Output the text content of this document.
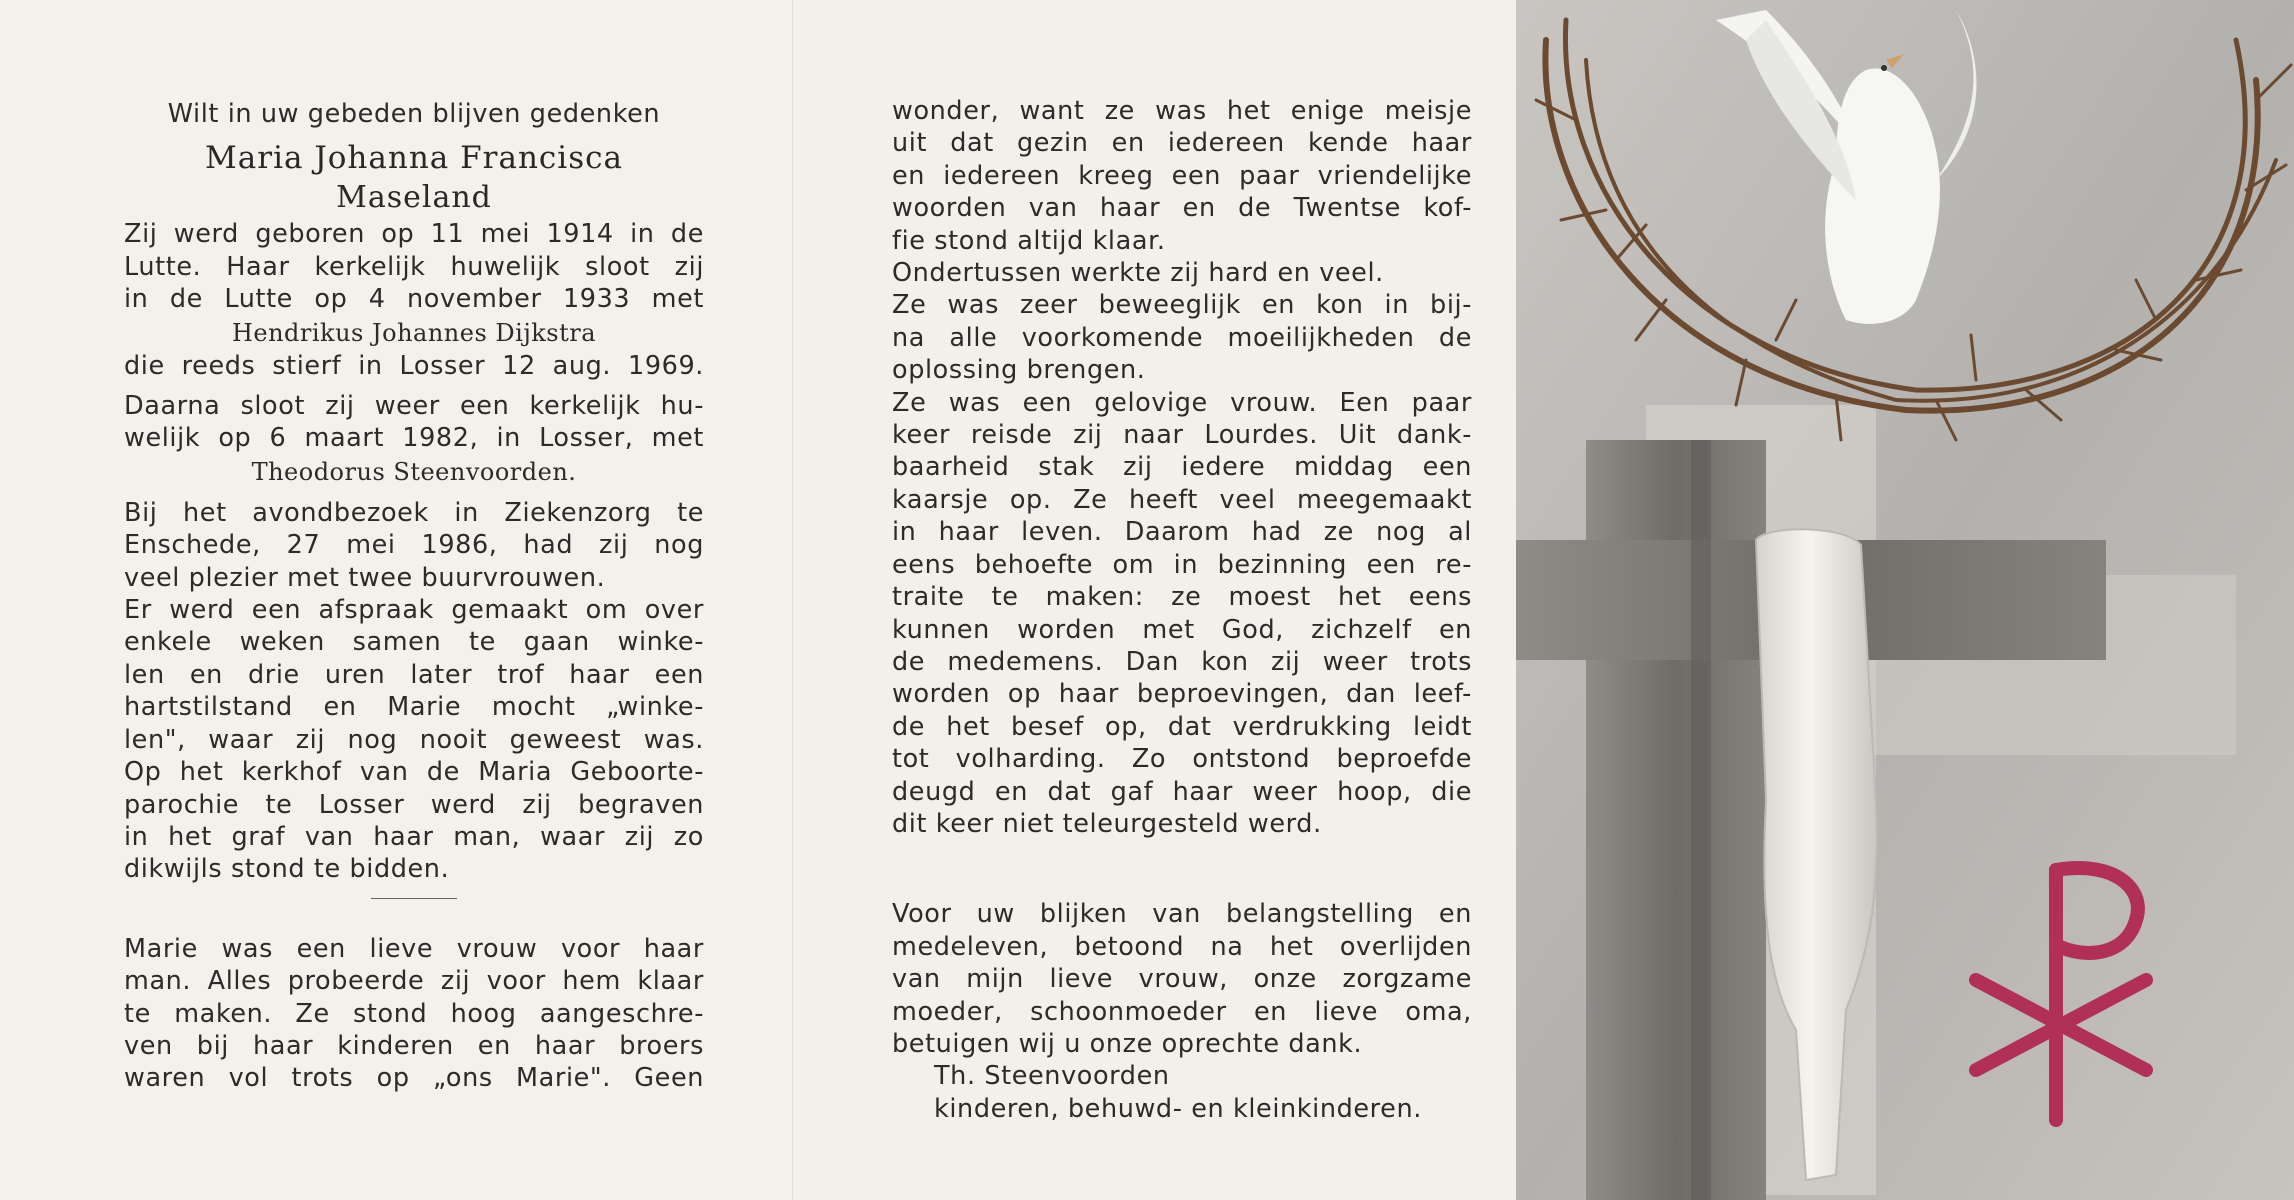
Wilt in uw gebeden blijven gedenken
Maria Johanna Francisca
Maseland
Zij werd geboren op 11 mei 1914 in de
Lutte. Haar kerkelijk huwelijk sloot zij
in de Lutte op 4 november 1933 met
Hendrikus Johannes Dijkstra
die reeds stierf in Losser 12 aug. 1969.
Daarna sloot zij weer een kerkelijk hu-
welijk op 6 maart 1982, in Losser, met
Theodorus Steenvoorden.
Bij het avondbezoek in Ziekenzorg te
Enschede, 27 mei 1986, had zij nog
veel plezier met twee buurvrouwen.
Er werd een afspraak gemaakt om over
enkele weken samen te gaan winke-
len en drie uren later trof haar een
hartstilstand en Marie mocht „winke-
len", waar zij nog nooit geweest was.
Op het kerkhof van de Maria Geboorte-
parochie te Losser werd zij begraven
in het graf van haar man, waar zij zo
dikwijls stond te bidden.
Marie was een lieve vrouw voor haar
man. Alles probeerde zij voor hem klaar
te maken. Ze stond hoog aangeschre-
ven bij haar kinderen en haar broers
waren vol trots op „ons Marie". Geen
wonder, want ze was het enige meisje
uit dat gezin en iedereen kende haar
en iedereen kreeg een paar vriendelijke
woorden van haar en de Twentse kof-
fie stond altijd klaar.
Ondertussen werkte zij hard en veel.
Ze was zeer beweeglijk en kon in bij-
na alle voorkomende moeilijkheden de
oplossing brengen.
Ze was een gelovige vrouw. Een paar
keer reisde zij naar Lourdes. Uit dank-
baarheid stak zij iedere middag een
kaarsje op. Ze heeft veel meegemaakt
in haar leven. Daarom had ze nog al
eens behoefte om in bezinning een re-
traite te maken: ze moest het eens
kunnen worden met God, zichzelf en
de medemens. Dan kon zij weer trots
worden op haar beproevingen, dan leef-
de het besef op, dat verdrukking leidt
tot volharding. Zo ontstond beproefde
deugd en dat gaf haar weer hoop, die
dit keer niet teleurgesteld werd.
Voor uw blijken van belangstelling en
medeleven, betoond na het overlijden
van mijn lieve vrouw, onze zorgzame
moeder, schoonmoeder en lieve oma,
betuigen wij u onze oprechte dank.
Th. Steenvoorden
kinderen, behuwd- en kleinkinderen.
